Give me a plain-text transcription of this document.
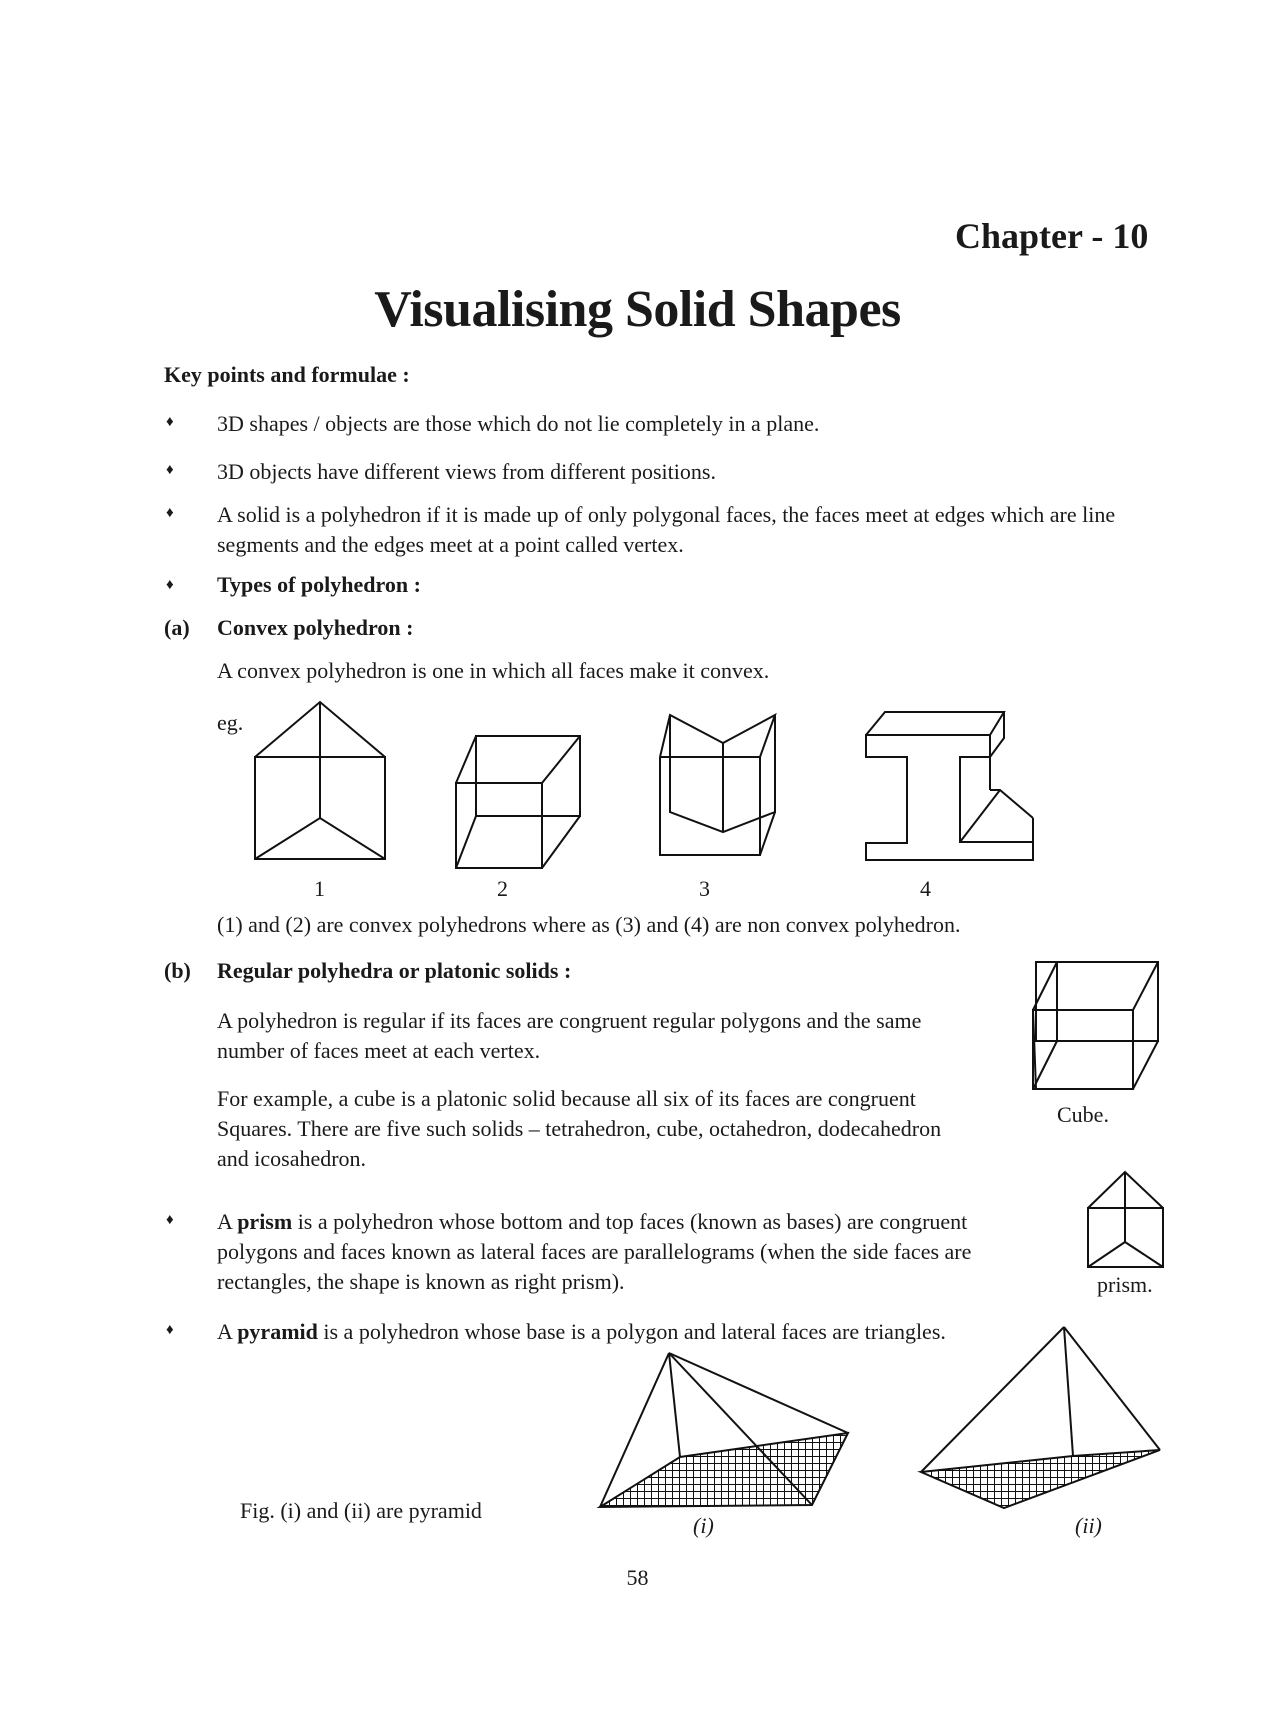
Chapter - 10
Visualising Solid Shapes
Key points and formulae :
♦ 3D shapes / objects are those which do not lie completely in a plane.
♦ 3D objects have different views from different positions.
♦ A solid is a polyhedron if it is made up of only polygonal faces, the faces meet at edges which are line
segments and the edges meet at a point called vertex.
♦ Types of polyhedron :
(a) Convex polyhedron :
A convex polyhedron is one in which all faces make it convex.
eg.
1	2	3	4
(1) and (2) are convex polyhedrons where as (3) and (4) are non convex polyhedron.
(b) Regular polyhedra or platonic solids :
A polyhedron is regular if its faces are congruent regular polygons and the same
number of faces meet at each vertex.
For example, a cube is a platonic solid because all six of its faces are congruent
Squares. There are five such solids – tetrahedron, cube, octahedron, dodecahedron
and icosahedron.
Cube.
♦ A prism is a polyhedron whose bottom and top faces (known as bases) are congruent
polygons and faces known as lateral faces are parallelograms (when the side faces are
rectangles, the shape is known as right prism).	prism.
♦ A pyramid is a polyhedron whose base is a polygon and lateral faces are triangles.
Fig. (i) and (ii) are pyramid
(i)	(ii)
58
